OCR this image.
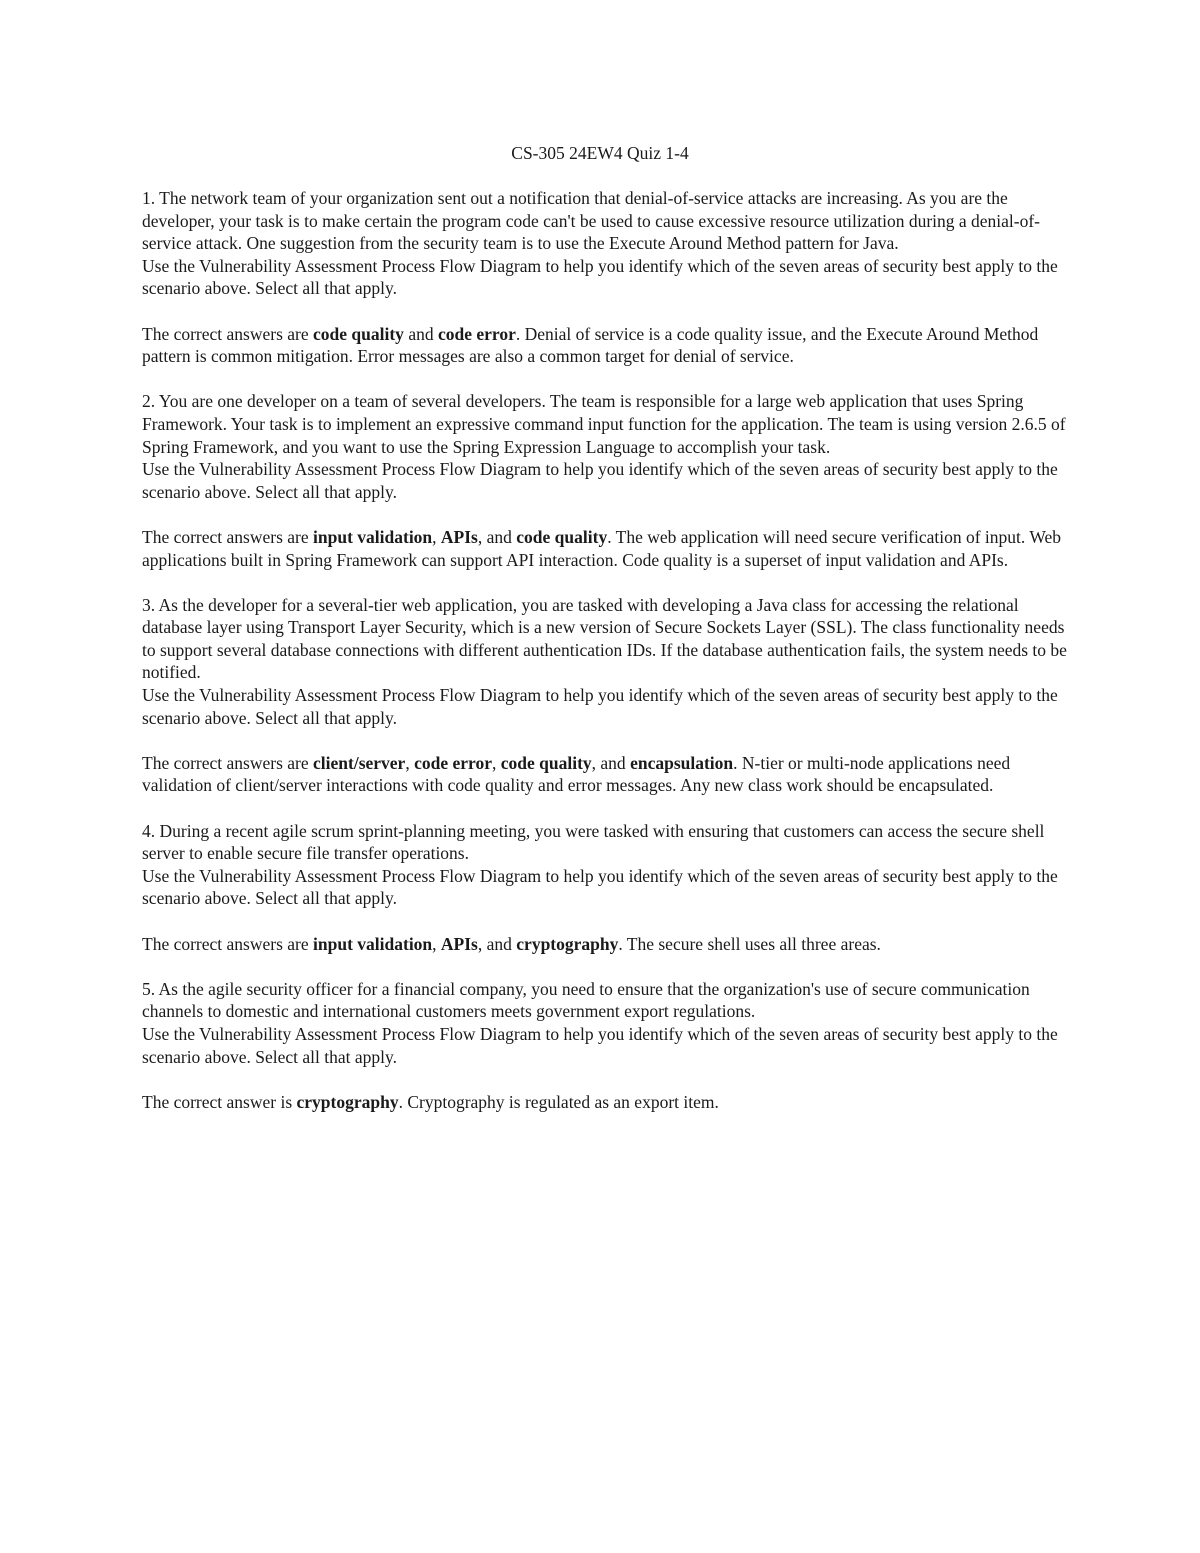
CS-305 24EW4 Quiz 1-4

1. The network team of your organization sent out a notification that denial-of-service attacks are increasing. As you are the developer, your task is to make certain the program code can't be used to cause excessive resource utilization during a denial-of-service attack. One suggestion from the security team is to use the Execute Around Method pattern for Java.

Use the Vulnerability Assessment Process Flow Diagram to help you identify which of the seven areas of security best apply to the scenario above. Select all that apply.

The correct answers are code quality and code error. Denial of service is a code quality issue, and the Execute Around Method pattern is common mitigation. Error messages are also a common target for denial of service.

2. You are one developer on a team of several developers. The team is responsible for a large web application that uses Spring Framework. Your task is to implement an expressive command input function for the application. The team is using version 2.6.5 of Spring Framework, and you want to use the Spring Expression Language to accomplish your task.

Use the Vulnerability Assessment Process Flow Diagram to help you identify which of the seven areas of security best apply to the scenario above. Select all that apply.

The correct answers are input validation, APIs, and code quality. The web application will need secure verification of input. Web applications built in Spring Framework can support API interaction. Code quality is a superset of input validation and APIs.

3. As the developer for a several-tier web application, you are tasked with developing a Java class for accessing the relational database layer using Transport Layer Security, which is a new version of Secure Sockets Layer (SSL). The class functionality needs to support several database connections with different authentication IDs. If the database authentication fails, the system needs to be notified.

Use the Vulnerability Assessment Process Flow Diagram to help you identify which of the seven areas of security best apply to the scenario above. Select all that apply.

The correct answers are client/server, code error, code quality, and encapsulation. N-tier or multi-node applications need validation of client/server interactions with code quality and error messages. Any new class work should be encapsulated.

4. During a recent agile scrum sprint-planning meeting, you were tasked with ensuring that customers can access the secure shell server to enable secure file transfer operations.

Use the Vulnerability Assessment Process Flow Diagram to help you identify which of the seven areas of security best apply to the scenario above. Select all that apply.

The correct answers are input validation, APIs, and cryptography. The secure shell uses all three areas.

5. As the agile security officer for a financial company, you need to ensure that the organization's use of secure communication channels to domestic and international customers meets government export regulations.

Use the Vulnerability Assessment Process Flow Diagram to help you identify which of the seven areas of security best apply to the scenario above. Select all that apply.

The correct answer is cryptography. Cryptography is regulated as an export item.
